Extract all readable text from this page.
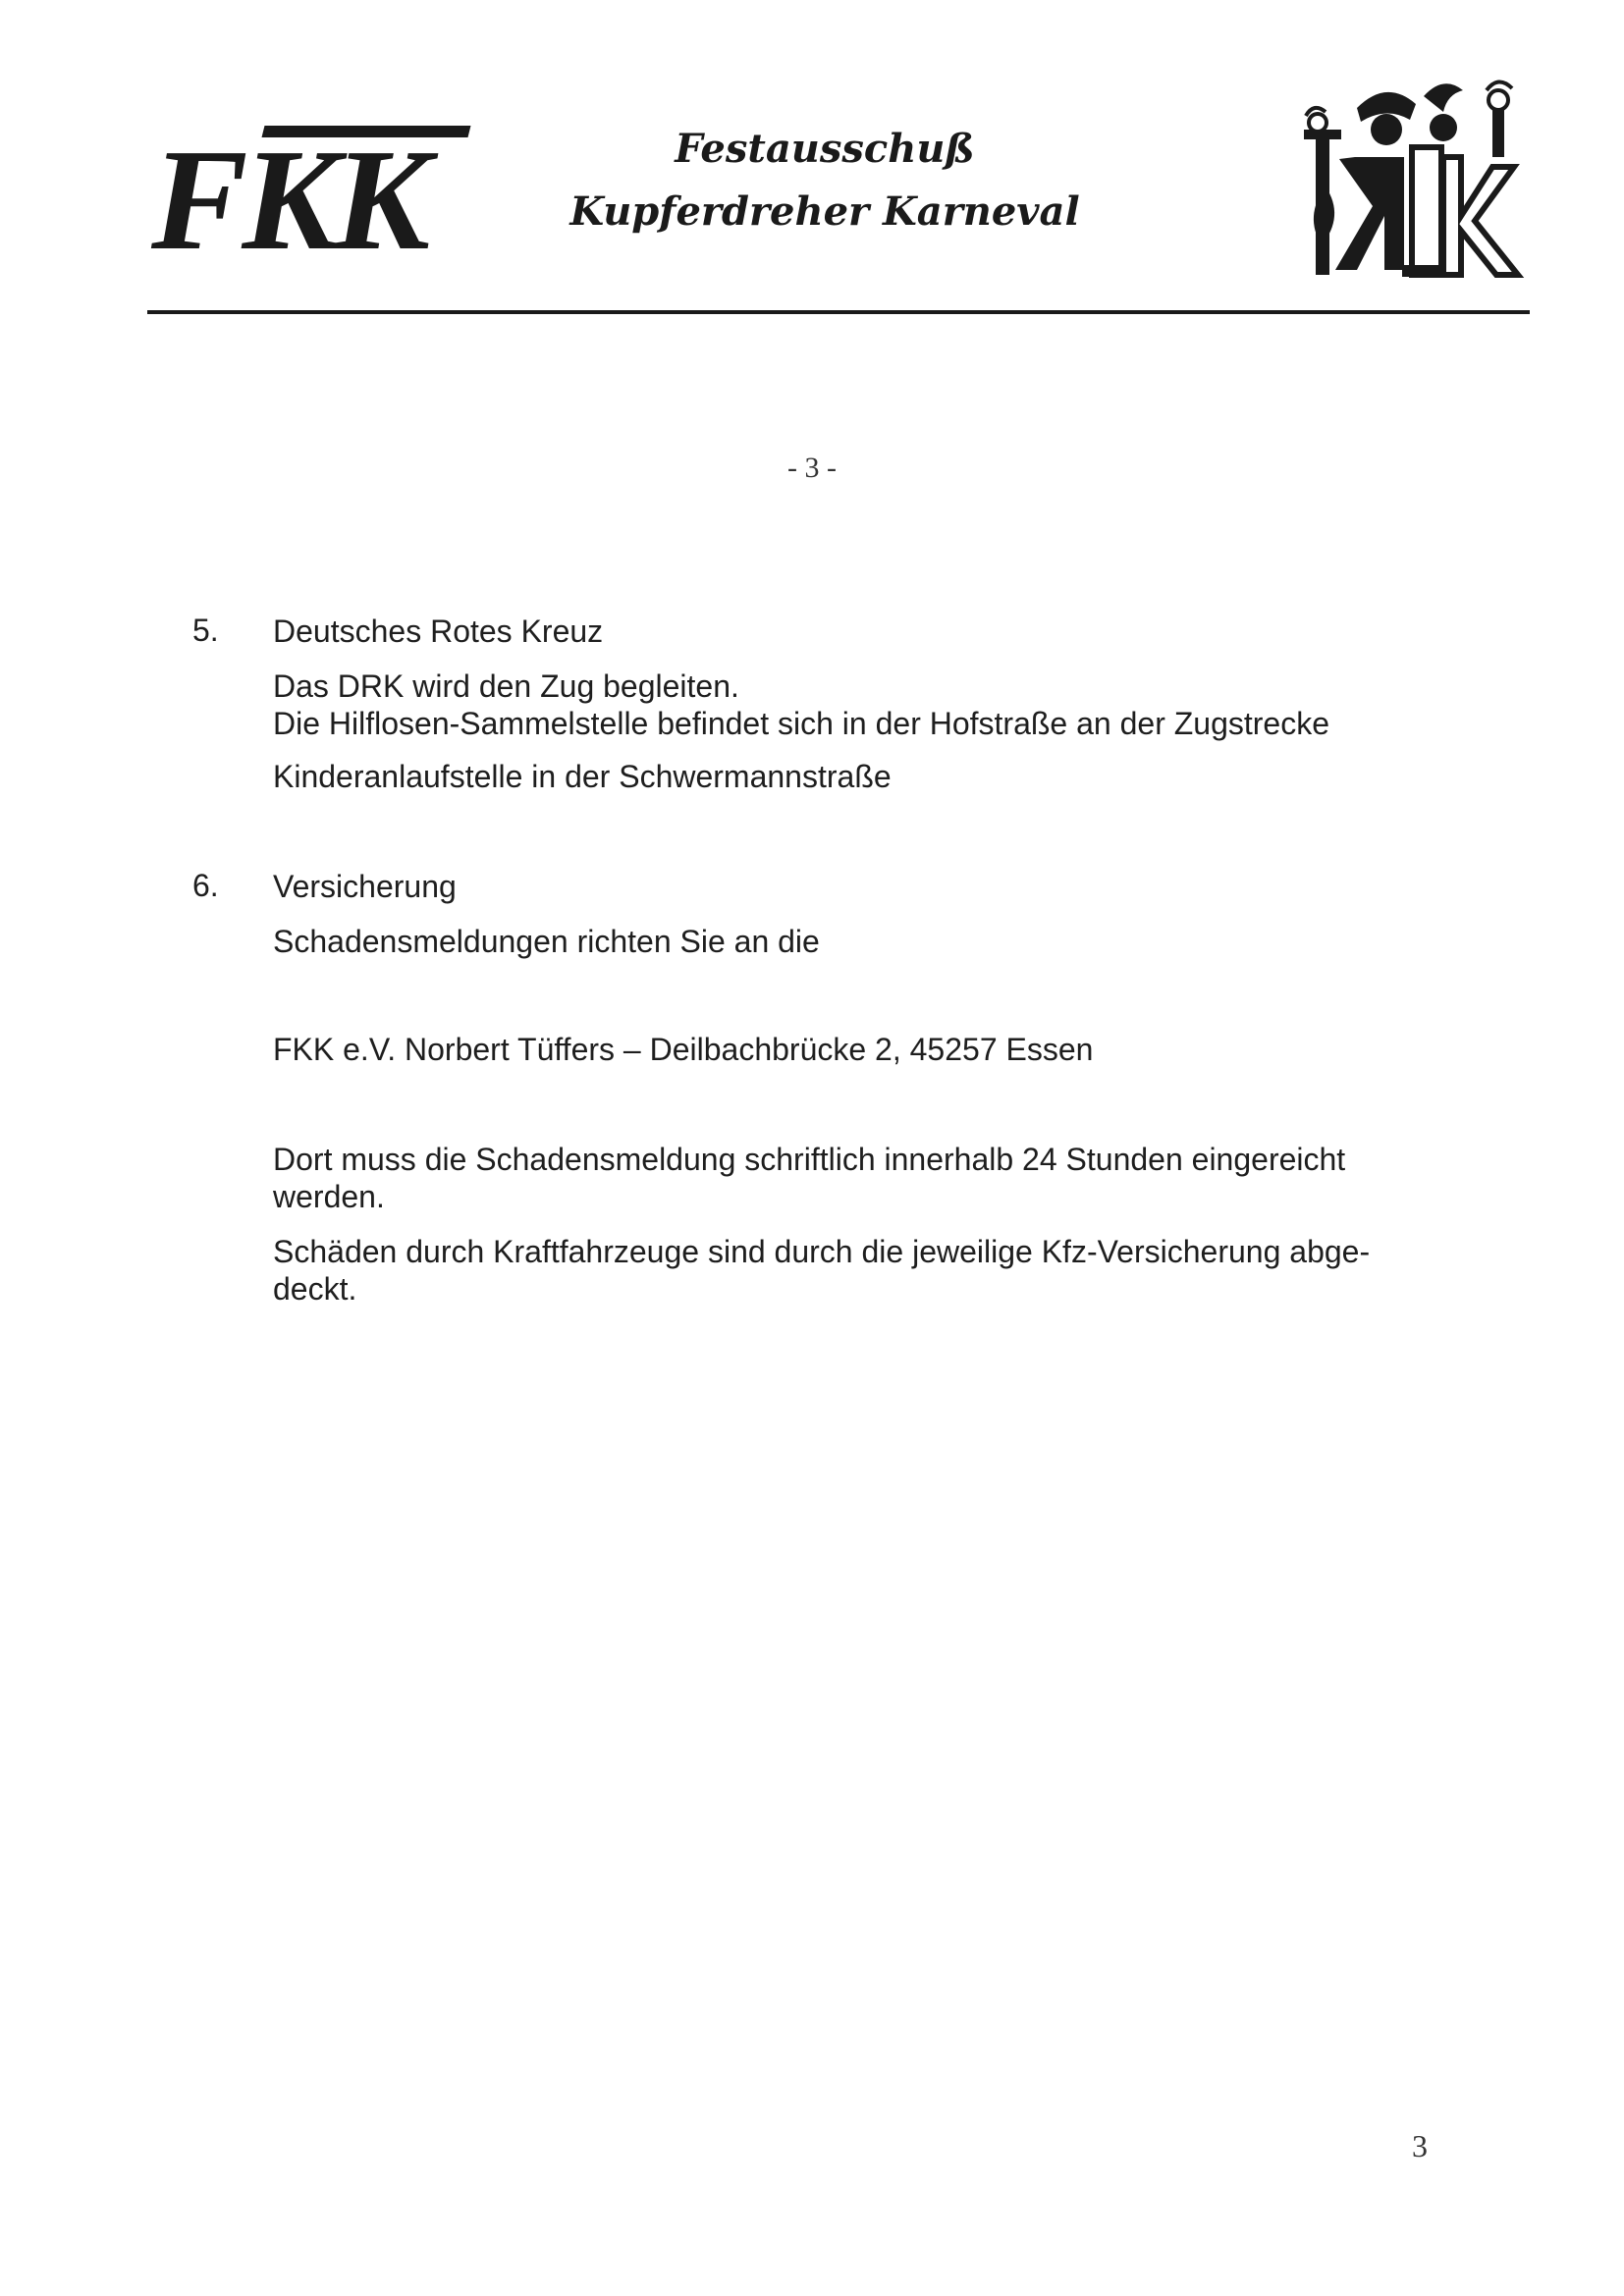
FKK	Festausschuß
Kupferdreher Karneval
- 3 -
5. Deutsches Rotes Kreuz
Das DRK wird den Zug begleiten.
Die Hilflosen-Sammelstelle befindet sich in der Hofstraße an der Zugstrecke
Kinderanlaufstelle in der Schwermannstraße
6. Versicherung
Schadensmeldungen richten Sie an die
FKK e.V. Norbert Tüffers – Deilbachbrücke 2, 45257 Essen
Dort muss die Schadensmeldung schriftlich innerhalb 24 Stunden eingereicht
werden.
Schäden durch Kraftfahrzeuge sind durch die jeweilige Kfz-Versicherung abge-
deckt.
3
